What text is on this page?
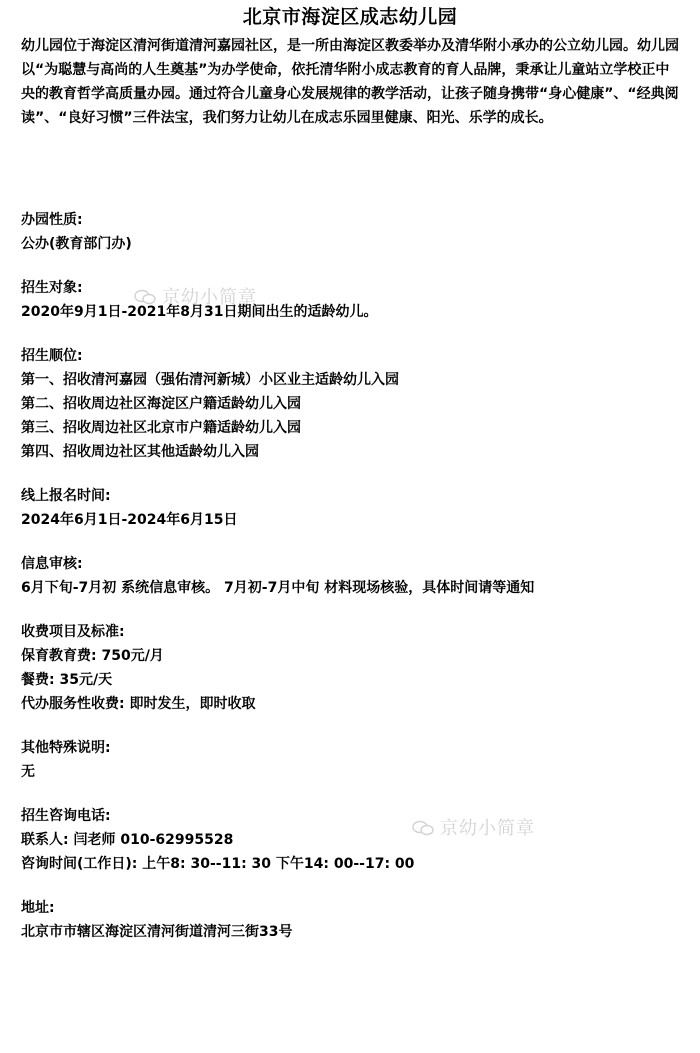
北京市海淀区成志幼儿园

幼儿园位于海淀区清河街道清河嘉园社区，是一所由海淀区教委举办及清华附小承办的公立幼儿园。幼儿园以“为聪慧与高尚的人生奠基”为办学使命，依托清华附小成志教育的育人品牌，秉承让儿童站立学校正中央的教育哲学高质量办园。通过符合儿童身心发展规律的教学活动，让孩子随身携带“身心健康”、“经典阅读”、“良好习惯”三件法宝，我们努力让幼儿在成志乐园里健康、阳光、乐学的成长。

办园性质:
公办(教育部门办)
招生对象:
2020年9月1日-2021年8月31日期间出生的适龄幼儿。
招生顺位:
第一、招收清河嘉园（强佑清河新城）小区业主适龄幼儿入园
第二、招收周边社区海淀区户籍适龄幼儿入园
第三、招收周边社区北京市户籍适龄幼儿入园
第四、招收周边社区其他适龄幼儿入园
线上报名时间:
2024年6月1日-2024年6月15日
信息审核:
6月下旬-7月初 系统信息审核。 7月初-7月中旬 材料现场核验，具体时间请等通知
收费项目及标准:
保育教育费: 750元/月
餐费: 35元/天
代办服务性收费: 即时发生，即时收取
其他特殊说明:
无
招生咨询电话:
联系人: 闫老师 010-62995528
咨询时间(工作日): 上午8: 30--11: 30 下午14: 00--17: 00
地址:
北京市市辖区海淀区清河街道清河三街33号
京幼小简章
京幼小简章
